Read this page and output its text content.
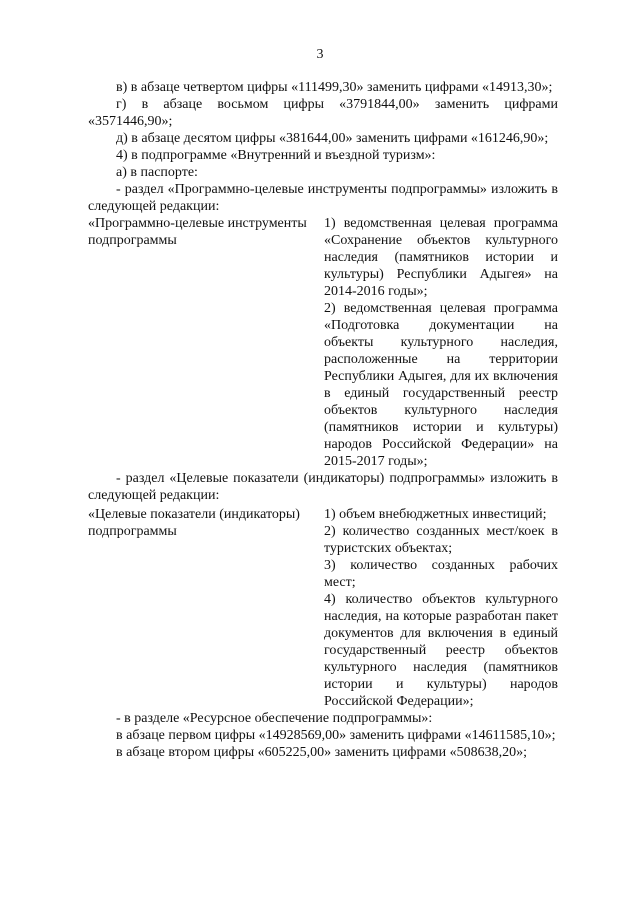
3

в) в абзаце четвертом цифры «111499,30» заменить цифрами «14913,30»;

г) в абзаце восьмом цифры «3791844,00» заменить цифрами «3571446,90»;

д) в абзаце десятом цифры «381644,00» заменить цифрами «161246,90»;

4) в подпрограмме «Внутренний и въездной туризм»:

а) в паспорте:

- раздел «Программно-целевые инструменты подпрограммы» изложить в следующей редакции:

«Программно-целевые инструменты подпрограммы
1) ведомственная целевая программа «Сохранение объектов культурного наследия (памятников истории и культуры) Республики Адыгея» на 2014-2016 годы»;
2) ведомственная целевая программа «Подготовка документации на объекты культурного наследия, расположенные на территории Республики Адыгея, для их включения в единый государственный реестр объектов культурного наследия (памятников истории и культуры) народов Российской Федерации» на 2015-2017 годы»;

- раздел «Целевые показатели (индикаторы) подпрограммы» изложить в следующей редакции:

«Целевые показатели (индикаторы) подпрограммы
1) объем внебюджетных инвестиций;
2) количество созданных мест/коек в туристских объектах;
3) количество созданных рабочих мест;
4) количество объектов культурного наследия, на которые разработан пакет документов для включения в единый государственный реестр объектов культурного наследия (памятников истории и культуры) народов Российской Федерации»;

- в разделе «Ресурсное обеспечение подпрограммы»:

в абзаце первом цифры «14928569,00» заменить цифрами «14611585,10»;

в абзаце втором цифры «605225,00» заменить цифрами «508638,20»;
